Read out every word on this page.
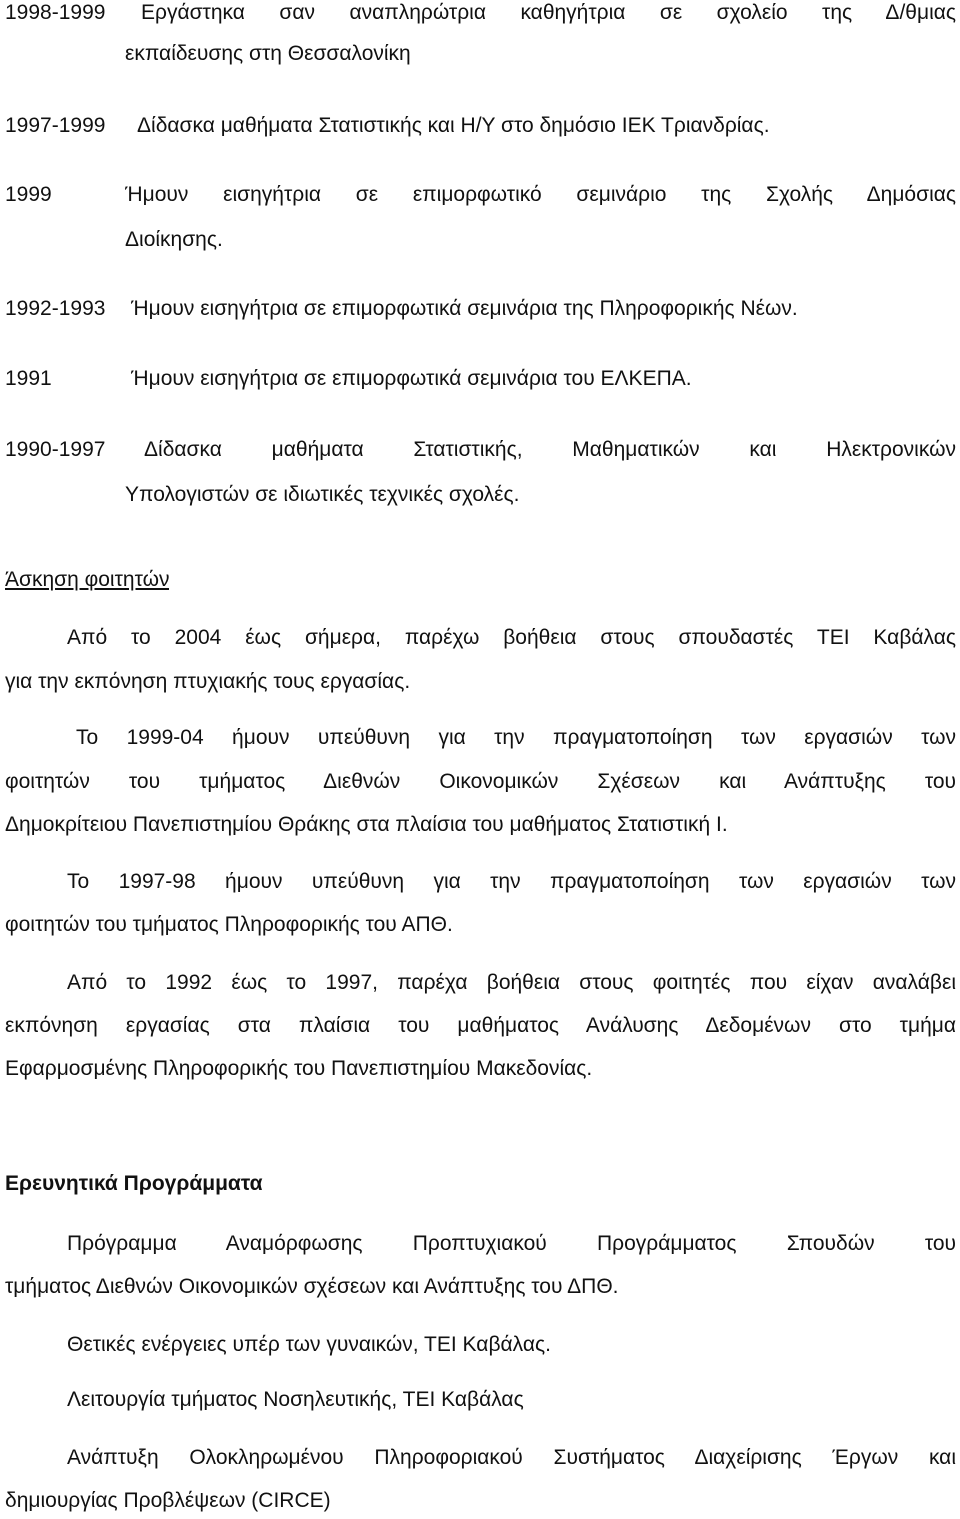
1998-1999 Εργάστηκα σαν αναπληρώτρια καθηγήτρια σε σχολείο της Δ/θμιας
εκπαίδευσης στη Θεσσαλονίκη
1997-1999 Δίδασκα μαθήματα Στατιστικής και Η/Υ στο δημόσιο ΙΕΚ Τριανδρίας.
1999	Ήμουν εισηγήτρια σε επιμορφωτικό σεμινάριο της Σχολής Δημόσιας
Διοίκησης.
1992-1993 Ήμουν εισηγήτρια σε επιμορφωτικά σεμινάρια της Πληροφορικής Νέων.
1991	Ήμουν εισηγήτρια σε επιμορφωτικά σεμινάρια του ΕΛΚΕΠΑ.
1990-1997 Δίδασκα μαθήματα Στατιστικής, Μαθηματικών και Ηλεκτρονικών
Υπολογιστών σε ιδιωτικές τεχνικές σχολές.
Άσκηση φοιτητών
Από το 2004 έως σήμερα, παρέχω βοήθεια στους σπουδαστές ΤΕΙ Καβάλας
για την εκπόνηση πτυχιακής τους εργασίας.
Το 1999-04 ήμουν υπεύθυνη για την πραγματοποίηση των εργασιών των
φοιτητών του τμήματος Διεθνών Οικονομικών Σχέσεων και Ανάπτυξης του
Δημοκρίτειου Πανεπιστημίου Θράκης στα πλαίσια του μαθήματος Στατιστική Ι.
Το 1997-98 ήμουν υπεύθυνη για την πραγματοποίηση των εργασιών των
φοιτητών του τμήματος Πληροφορικής του ΑΠΘ.
Από το 1992 έως το 1997, παρέχα βοήθεια στους φοιτητές που είχαν αναλάβει
εκπόνηση εργασίας στα πλαίσια του μαθήματος Ανάλυσης Δεδομένων στο τμήμα
Εφαρμοσμένης Πληροφορικής του Πανεπιστημίου Μακεδονίας.
Ερευνητικά Προγράμματα
Πρόγραμμα Αναμόρφωσης Προπτυχιακού Προγράμματος Σπουδών του
τμήματος Διεθνών Οικονομικών σχέσεων και Ανάπτυξης του ΔΠΘ.
Θετικές ενέργειες υπέρ των γυναικών, ΤΕΙ Καβάλας.
Λειτουργία τμήματος Νοσηλευτικής, ΤΕΙ Καβάλας
Ανάπτυξη Ολοκληρωμένου Πληροφοριακού Συστήματος Διαχείρισης Έργων και
δημιουργίας Προβλέψεων (CIRCE)
